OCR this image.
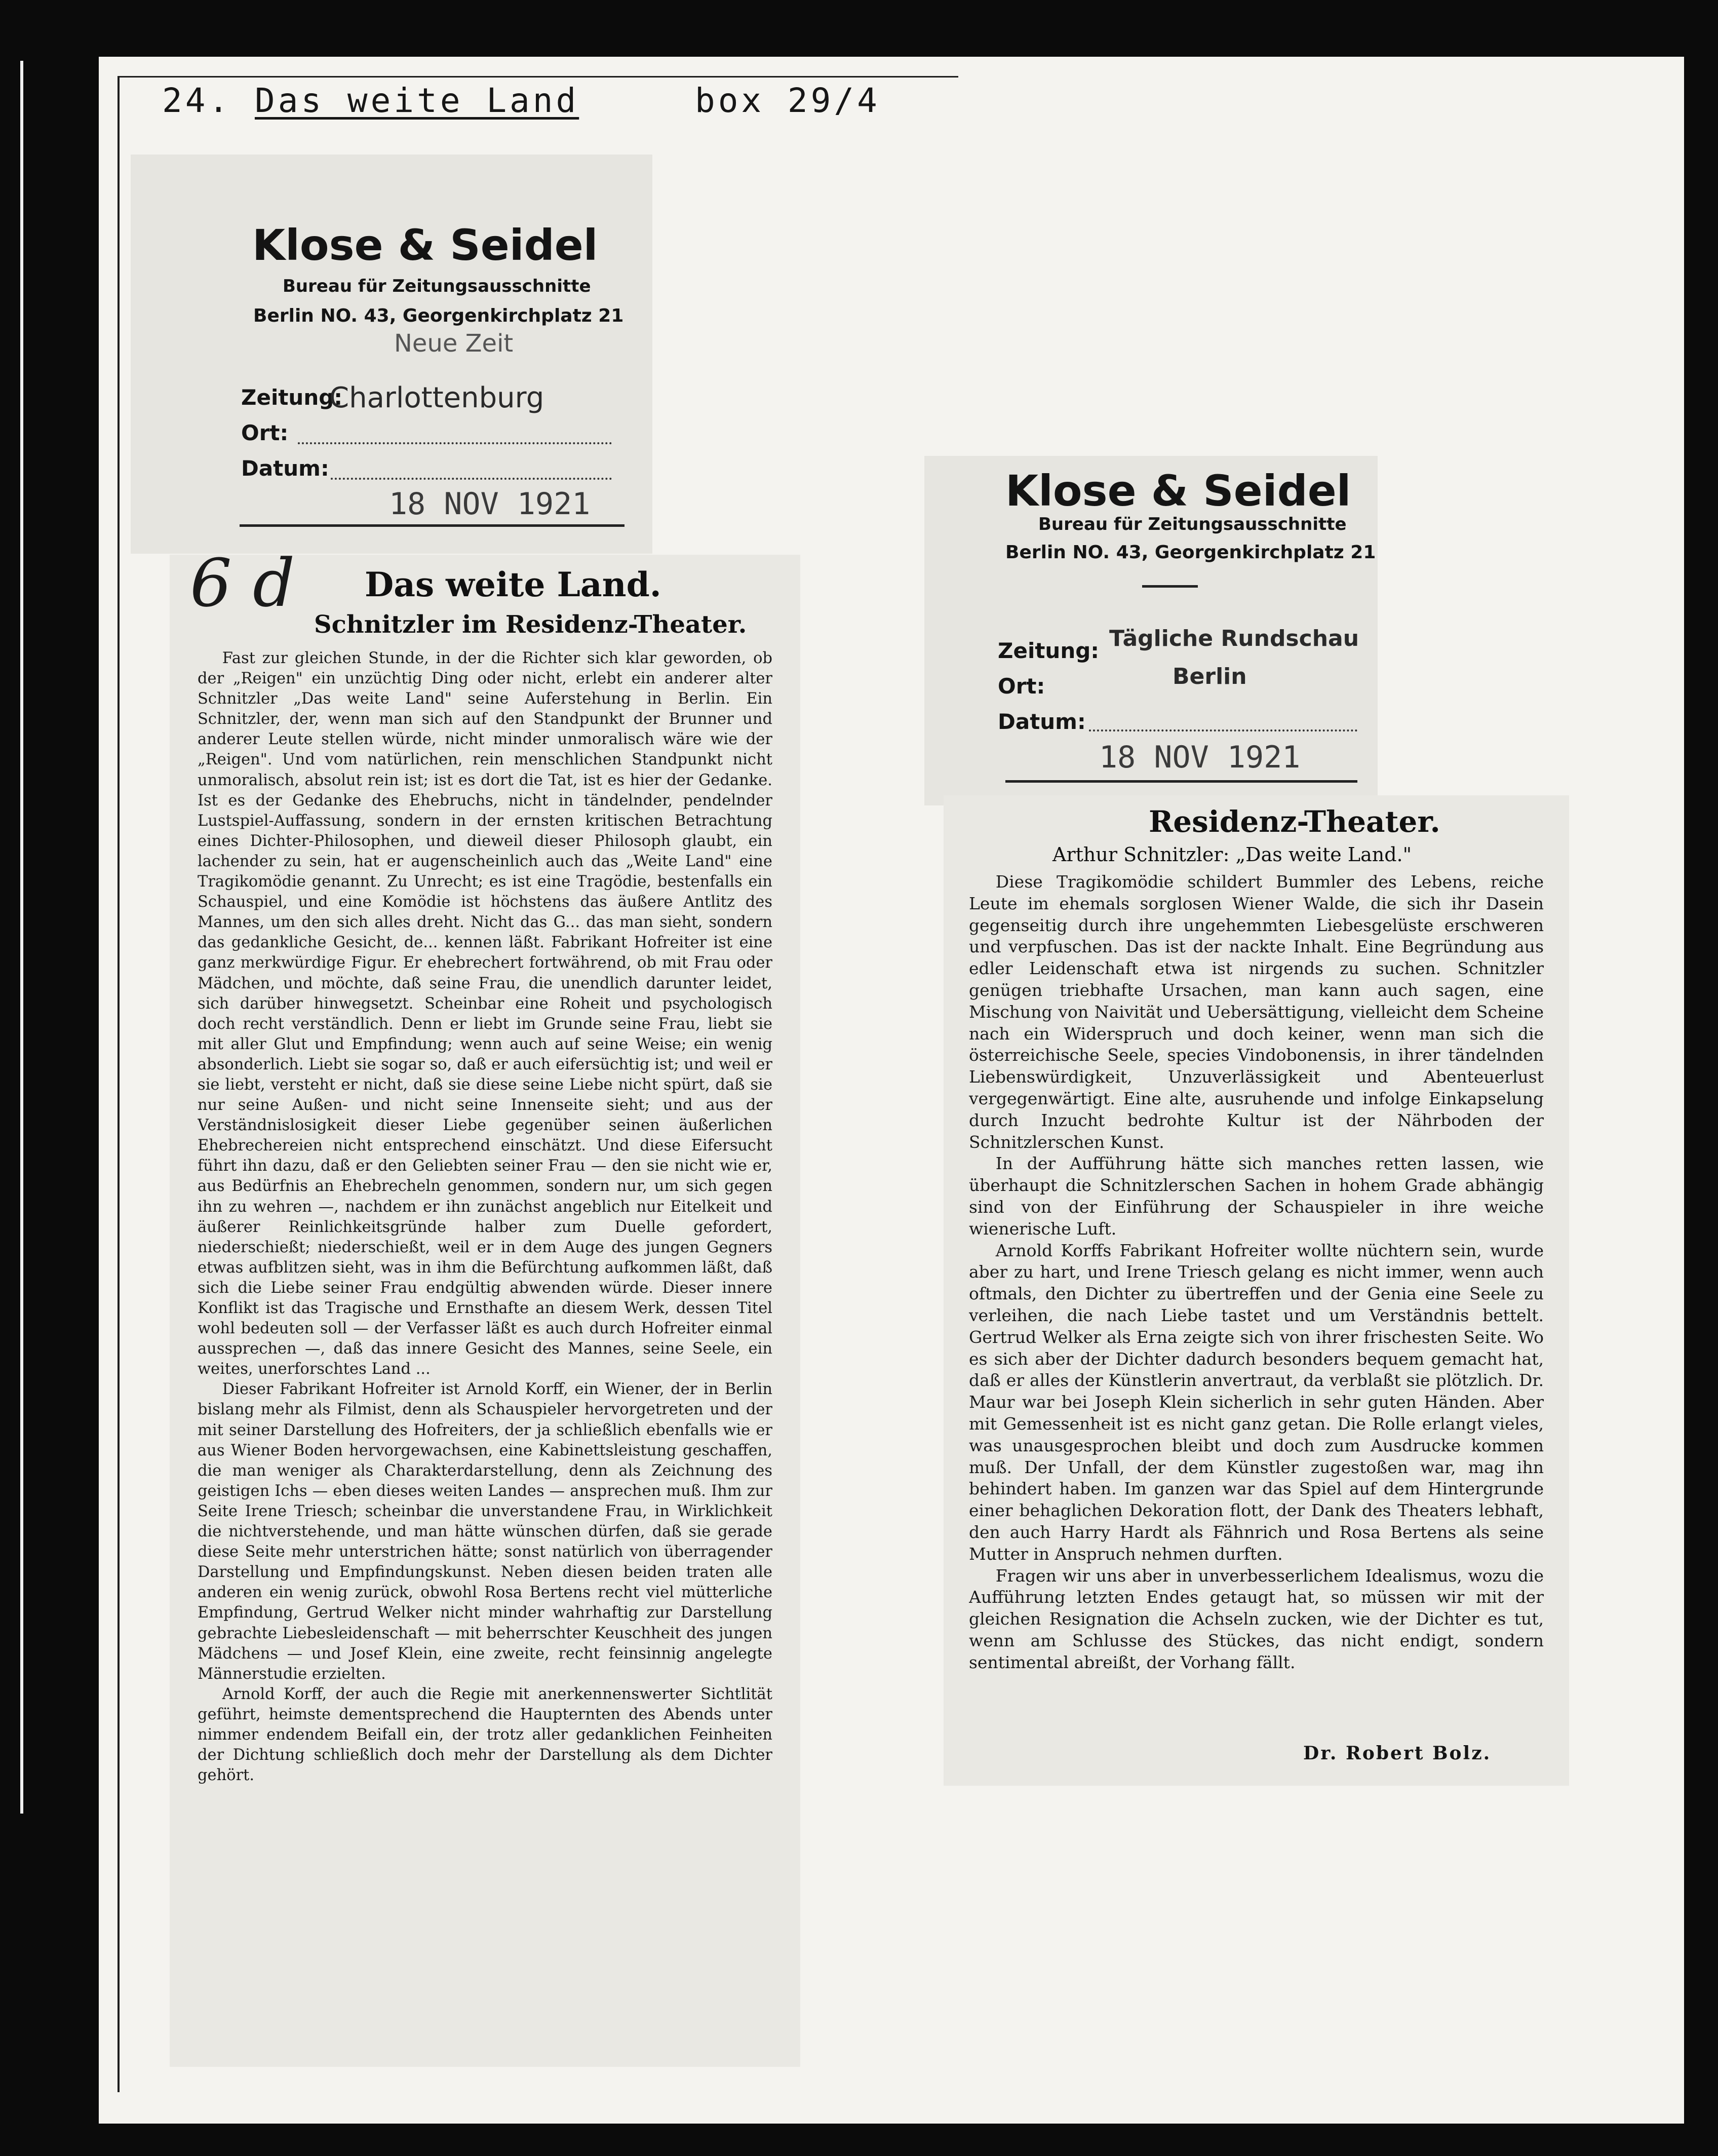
24. Das weite Land	box 29/4
Klose & Seidel
Bureau für Zeitungsausschnitte
Berlin NO. 43, Georgenkirchplatz 21
Neue Zeit
Zeitung:
Charlottenburg
Ort:
Datum:
18 NOV 1921	Klose & Seidel
Bureau für Zeitungsausschnitte
Berlin NO. 43, Georgenkirchplatz 21
Zeitung: Tägliche Rundschau
Ort:	Berlin
Datum:
18 NOV 1921
6 d Das weite Land.
Schnitzler im Residenz-Theater.

Fast zur gleichen Stunde, in der die Richter sich klar geworden, ob der „Reigen" ein unzüchtig Ding oder nicht, erlebt ein anderer alter Schnitzler „Das weite Land" seine Auferstehung in Berlin. Ein Schnitzler, der, wenn man sich auf den Standpunkt der Brunner und anderer Leute stellen würde, nicht minder unmoralisch wäre wie der „Reigen". Und vom natürlichen, rein menschlichen Standpunkt nicht unmoralisch, absolut rein ist; ist es dort die Tat, ist es hier der Gedanke. Ist es der Gedanke des Ehebruchs, nicht in tändelnder, pendelnder Lustspiel-Auffassung, sondern in der ernsten kritischen Betrachtung eines Dichter-Philosophen, und dieweil dieser Philosoph glaubt, ein lachender zu sein, hat er augenscheinlich auch das „Weite Land" eine Tragikomödie genannt. Zu Unrecht; es ist eine Tragödie, bestenfalls ein Schauspiel, und eine Komödie ist höchstens das äußere Antlitz des Mannes, um den sich alles dreht. Nicht das G... das man sieht, sondern das gedankliche Gesicht, de... kennen läßt. Fabrikant Hofreiter ist eine ganz merkwürdige Figur. Er ehebrechert fortwährend, ob mit Frau oder Mädchen, und möchte, daß seine Frau, die unendlich darunter leidet, sich darüber hinwegsetzt. Scheinbar eine Roheit und psychologisch doch recht verständlich. Denn er liebt im Grunde seine Frau, liebt sie mit aller Glut und Empfindung; wenn auch auf seine Weise; ein wenig absonderlich. Liebt sie sogar so, daß er auch eifersüchtig ist; und weil er sie liebt, versteht er nicht, daß sie diese seine Liebe nicht spürt, daß sie nur seine Außen- und nicht seine Innenseite sieht; und aus der Verständnislosigkeit dieser Liebe gegenüber seinen äußerlichen Ehebrechereien nicht entsprechend einschätzt. Und diese Eifersucht führt ihn dazu, daß er den Geliebten seiner Frau — den sie nicht wie er, aus Bedürfnis an Ehebrecheln genommen, sondern nur, um sich gegen ihn zu wehren —, nachdem er ihn zunächst angeblich nur Eitelkeit und äußerer Reinlichkeitsgründe halber zum Duelle gefordert, niederschießt; niederschießt, weil er in dem Auge des jungen Gegners etwas aufblitzen sieht, was in ihm die Befürchtung aufkommen läßt, daß sich die Liebe seiner Frau endgültig abwenden würde. Dieser innere Konflikt ist das Tragische und Ernsthafte an diesem Werk, dessen Titel wohl bedeuten soll — der Verfasser läßt es auch durch Hofreiter einmal aussprechen —, daß das innere Gesicht des Mannes, seine Seele, ein weites, unerforschtes Land ...

Dieser Fabrikant Hofreiter ist Arnold Korff, ein Wiener, der in Berlin bislang mehr als Filmist, denn als Schauspieler hervorgetreten und der mit seiner Darstellung des Hofreiters, der ja schließlich ebenfalls wie er aus Wiener Boden hervorgewachsen, eine Kabinettsleistung geschaffen, die man weniger als Charakterdarstellung, denn als Zeichnung des geistigen Ichs — eben dieses weiten Landes — ansprechen muß. Ihm zur Seite Irene Triesch; scheinbar die unverstandene Frau, in Wirklichkeit die nichtverstehende, und man hätte wünschen dürfen, daß sie gerade diese Seite mehr unterstrichen hätte; sonst natürlich von überragender Darstellung und Empfindungskunst. Neben diesen beiden traten alle anderen ein wenig zurück, obwohl Rosa Bertens recht viel mütterliche Empfindung, Gertrud Welker nicht minder wahrhaftig zur Darstellung gebrachte Liebesleidenschaft — mit beherrschter Keuschheit des jungen Mädchens — und Josef Klein, eine zweite, recht feinsinnig angelegte Männerstudie erzielten.

Arnold Korff, der auch die Regie mit anerkennenswerter Sichtlität geführt, heimste dementsprechend die Haupternten des Abends unter nimmer endendem Beifall ein, der trotz aller gedanklichen Feinheiten der Dichtung schließlich doch mehr der Darstellung als dem Dichter gehört.

Residenz-Theater.
Arthur Schnitzler: „Das weite Land."

Diese Tragikomödie schildert Bummler des Lebens, reiche Leute im ehemals sorglosen Wiener Walde, die sich ihr Dasein gegenseitig durch ihre ungehemmten Liebesgelüste erschweren und verpfuschen. Das ist der nackte Inhalt. Eine Begründung aus edler Leidenschaft etwa ist nirgends zu suchen. Schnitzler genügen triebhafte Ursachen, man kann auch sagen, eine Mischung von Naivität und Uebersättigung, vielleicht dem Scheine nach ein Widerspruch und doch keiner, wenn man sich die österreichische Seele, species Vindobonensis, in ihrer tändelnden Liebenswürdigkeit, Unzuverlässigkeit und Abenteuerlust vergegenwärtigt. Eine alte, ausruhende und infolge Einkapselung durch Inzucht bedrohte Kultur ist der Nährboden der Schnitzlerschen Kunst.

In der Aufführung hätte sich manches retten lassen, wie überhaupt die Schnitzlerschen Sachen in hohem Grade abhängig sind von der Einführung der Schauspieler in ihre weiche wienerische Luft.

Arnold Korffs Fabrikant Hofreiter wollte nüchtern sein, wurde aber zu hart, und Irene Triesch gelang es nicht immer, wenn auch oftmals, den Dichter zu übertreffen und der Genia eine Seele zu verleihen, die nach Liebe tastet und um Verständnis bettelt. Gertrud Welker als Erna zeigte sich von ihrer frischesten Seite. Wo es sich aber der Dichter dadurch besonders bequem gemacht hat, daß er alles der Künstlerin anvertraut, da verblaßt sie plötzlich. Dr. Maur war bei Joseph Klein sicherlich in sehr guten Händen. Aber mit Gemessenheit ist es nicht ganz getan. Die Rolle erlangt vieles, was unausgesprochen bleibt und doch zum Ausdrucke kommen muß. Der Unfall, der dem Künstler zugestoßen war, mag ihn behindert haben. Im ganzen war das Spiel auf dem Hintergrunde einer behaglichen Dekoration flott, der Dank des Theaters lebhaft, den auch Harry Hardt als Fähnrich und Rosa Bertens als seine Mutter in Anspruch nehmen durften.

Fragen wir uns aber in unverbesserlichem Idealismus, wozu die Aufführung letzten Endes getaugt hat, so müssen wir mit der gleichen Resignation die Achseln zucken, wie der Dichter es tut, wenn am Schlusse des Stückes, das nicht endigt, sondern sentimental abreißt, der Vorhang fällt.

Dr. Robert Bolz.
